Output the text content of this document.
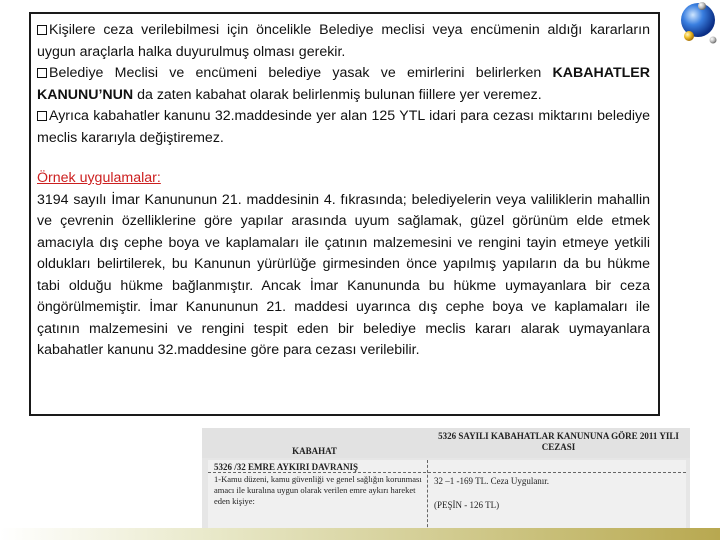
Kişilere ceza verilebilmesi için öncelikle Belediye meclisi veya encümenin aldığı kararların uygun araçlarla halka duyurulmuş olması gerekir.

Belediye Meclisi ve encümeni belediye yasak ve emirlerini belirlerken KABAHATLER KANUNU’NUN da zaten kabahat olarak belirlenmiş bulunan fiillere yer veremez.

Ayrıca kabahatler kanunu 32.maddesinde yer alan 125 YTL idari para cezası miktarını belediye meclis kararıyla değiştiremez.

Örnek uygulamalar:

3194 sayılı İmar Kanununun 21. maddesinin 4. fıkrasında; belediyelerin veya valiliklerin mahallin ve çevrenin özelliklerine göre yapılar arasında uyum sağlamak, güzel görünüm elde etmek amacıyla dış cephe boya ve kaplamaları ile çatının malzemesini ve rengini tayin etmeye yetkili oldukları belirtilerek, bu Kanunun yürürlüğe girmesinden önce yapılmış yapıların da bu hükme tabi olduğu hükme bağlanmıştır. Ancak İmar Kanununda bu hükme uymayanlara bir ceza öngörülmemiştir. İmar Kanununun 21. maddesi uyarınca dış cephe boya ve kaplamaları ile çatının malzemesini ve rengini tespit eden bir belediye meclis kararı alarak uymayanlara kabahatler kanunu 32.maddesine göre para cezası verilebilir.

KABAHAT
5326 SAYILI KABAHATLAR KANUNUNA GÖRE 2011 YILI
CEZASI
5326 /32 EMRE AYKIRI DAVRANIŞ
1-Kamu düzeni, kamu güvenliği ve genel sağlığın korunması amacı ile kuralına uygun olarak verilen emre aykırı hareket eden kişiye:
32 –1 -169 TL. Ceza Uygulanır.
(PEŞİN - 126 TL)
